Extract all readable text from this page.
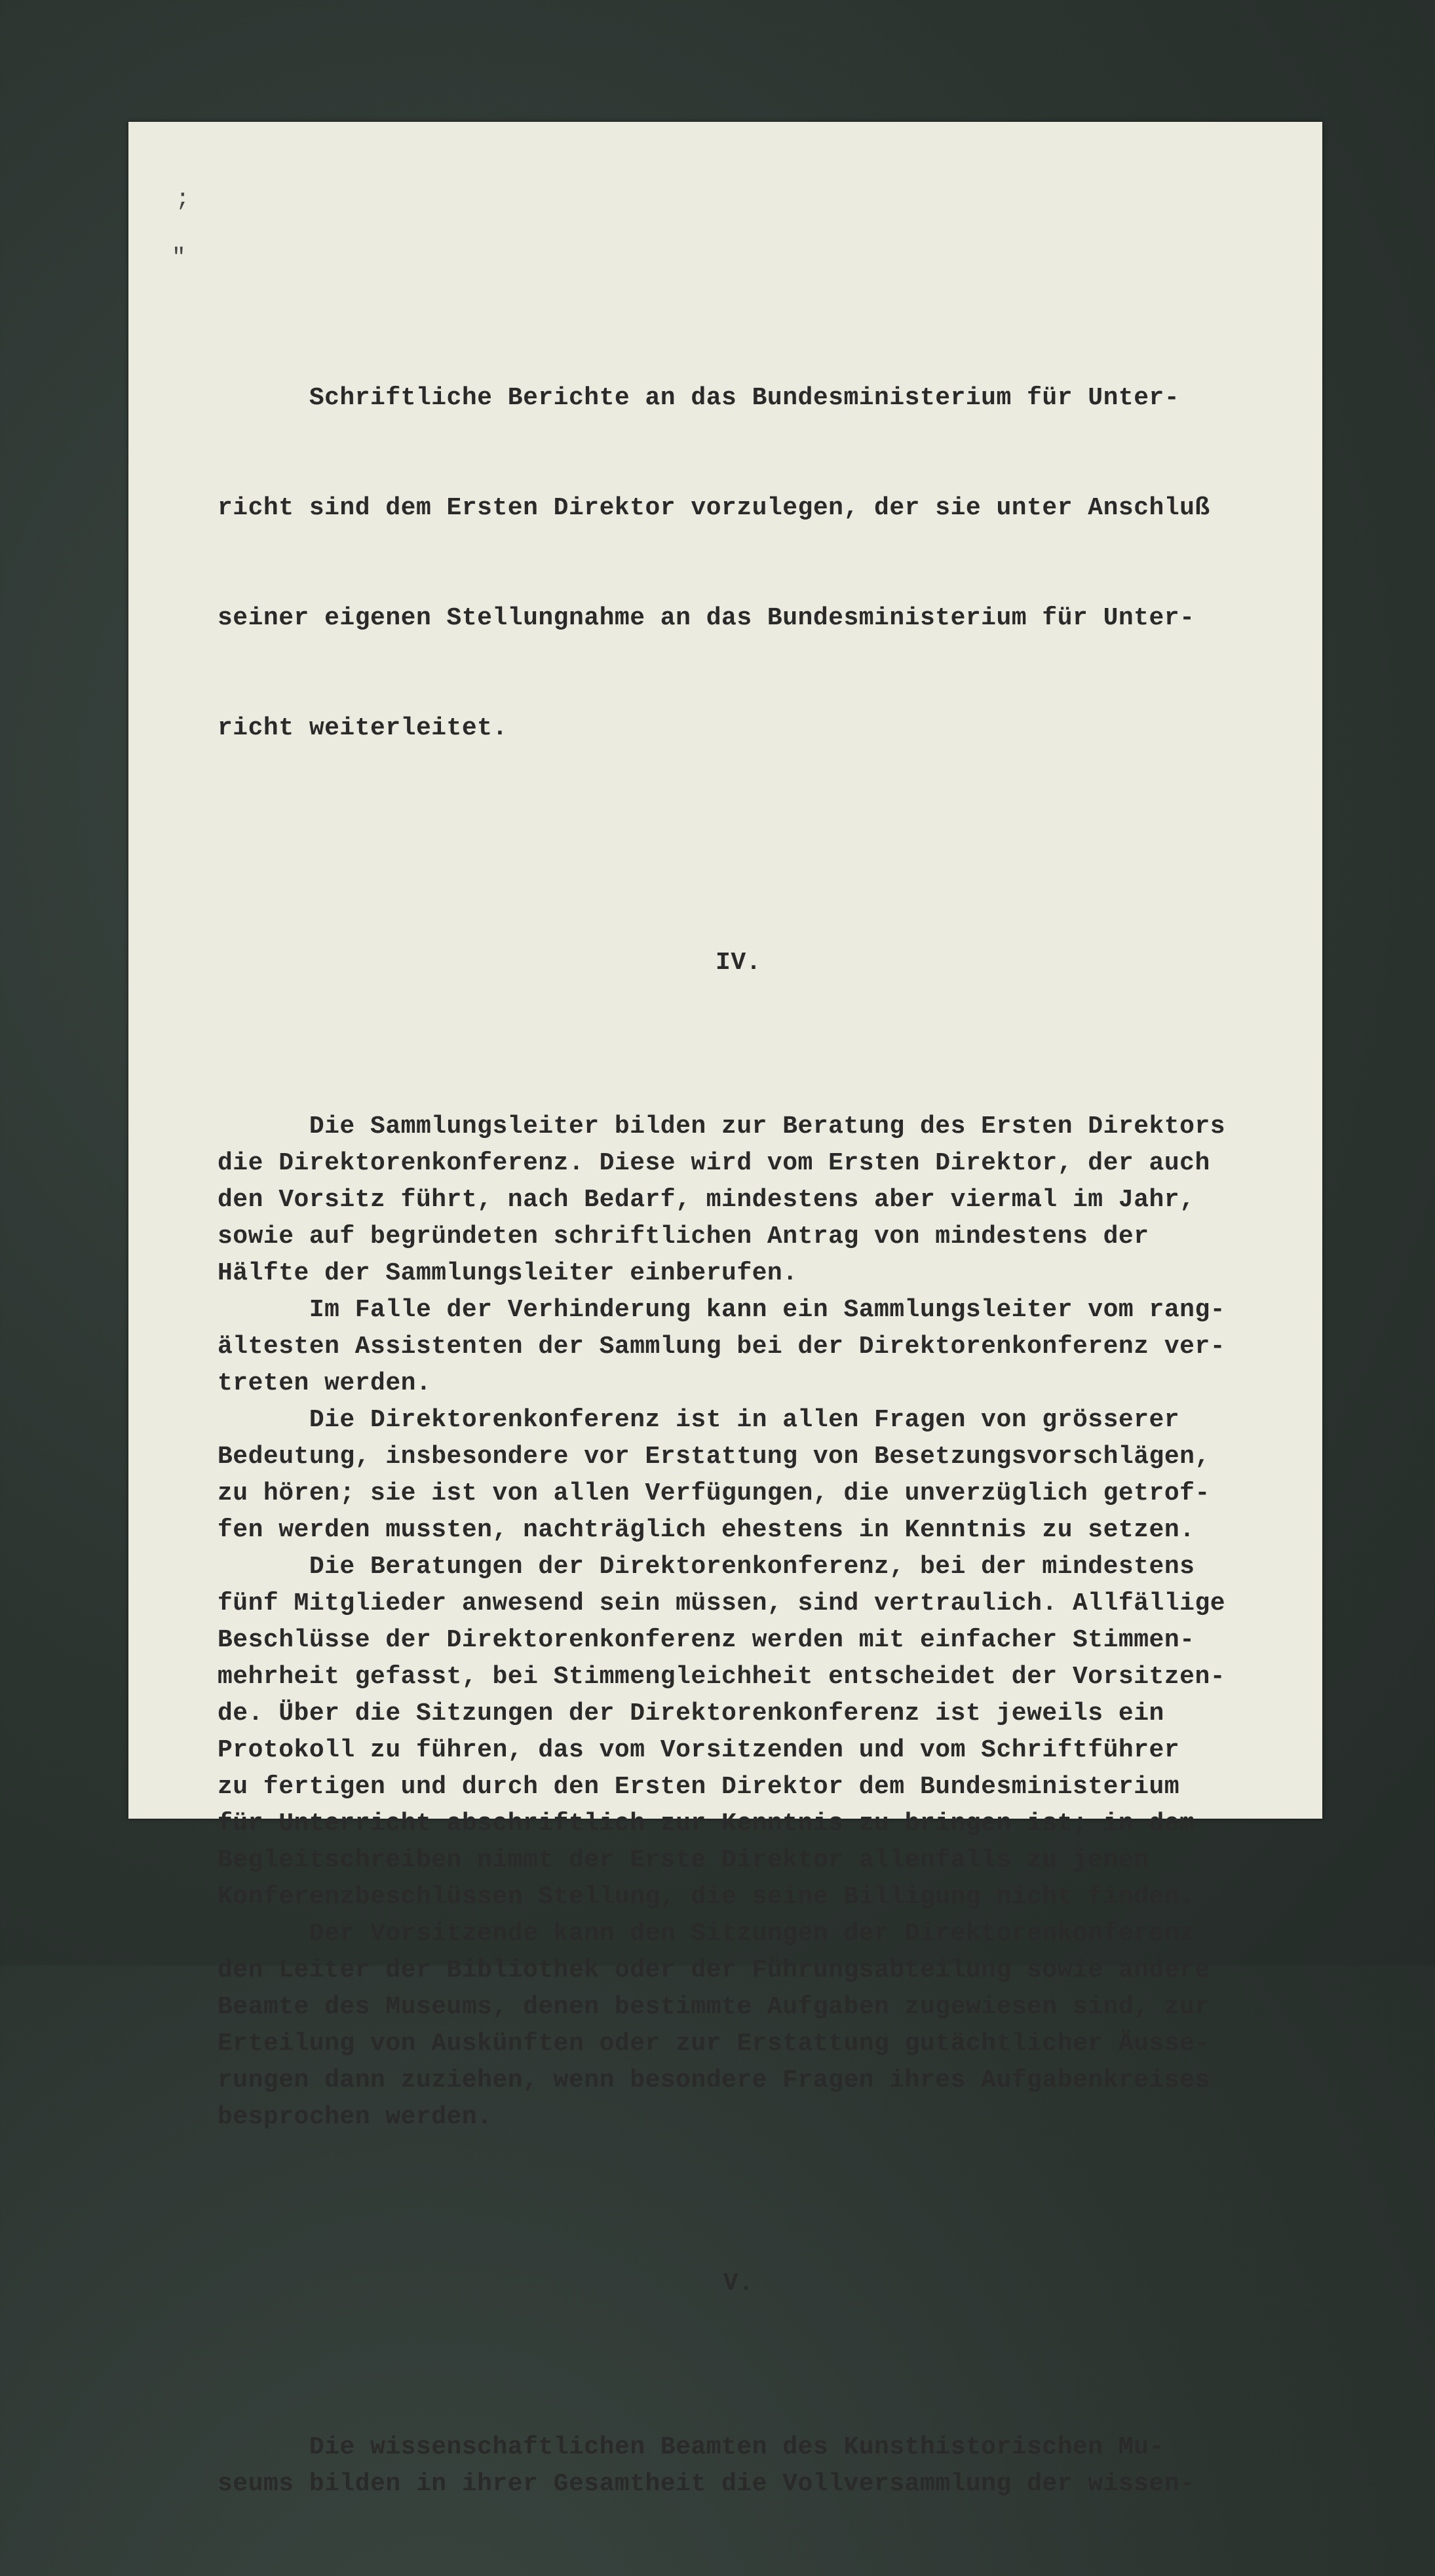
;
"

Schriftliche Berichte an das Bundesministerium für Unter-

richt sind dem Ersten Direktor vorzulegen, der sie unter Anschluß

seiner eigenen Stellungnahme an das Bundesministerium für Unter-

richt weiterleitet.

IV.

Die Sammlungsleiter bilden zur Beratung des Ersten Direktors
die Direktorenkonferenz. Diese wird vom Ersten Direktor, der auch
den Vorsitz führt, nach Bedarf, mindestens aber viermal im Jahr,
sowie auf begründeten schriftlichen Antrag von mindestens der
Hälfte der Sammlungsleiter einberufen.
Im Falle der Verhinderung kann ein Sammlungsleiter vom rang-
ältesten Assistenten der Sammlung bei der Direktorenkonferenz ver-
treten werden.
Die Direktorenkonferenz ist in allen Fragen von grösserer
Bedeutung, insbesondere vor Erstattung von Besetzungsvorschlägen,
zu hören; sie ist von allen Verfügungen, die unverzüglich getrof-
fen werden mussten, nachträglich ehestens in Kenntnis zu setzen.
Die Beratungen der Direktorenkonferenz, bei der mindestens
fünf Mitglieder anwesend sein müssen, sind vertraulich. Allfällige
Beschlüsse der Direktorenkonferenz werden mit einfacher Stimmen-
mehrheit gefasst, bei Stimmengleichheit entscheidet der Vorsitzen-
de. Über die Sitzungen der Direktorenkonferenz ist jeweils ein
Protokoll zu führen, das vom Vorsitzenden und vom Schriftführer
zu fertigen und durch den Ersten Direktor dem Bundesministerium
für Unterricht abschriftlich zur Kenntnis zu bringen ist; in dem
Begleitschreiben nimmt der Erste Direktor allenfalls zu jenen
Konferenzbeschlüssen Stellung, die seine Billigung nicht finden.
Der Vorsitzende kann den Sitzungen der Direktorenkonferenz
den Leiter der Bibliothek oder der Führungsabteilung sowie andere
Beamte des Museums, denen bestimmte Aufgaben zugewiesen sind, zur
Erteilung von Auskünften oder zur Erstattung gutächtlicher Äusse-
rungen dann zuziehen, wenn besondere Fragen ihres Aufgabenkreises
besprochen werden.

V.

Die wissenschaftlichen Beamten des Kunsthistorischen Mu-
seums bilden in ihrer Gesamtheit die Vollversammlung der wissen-
